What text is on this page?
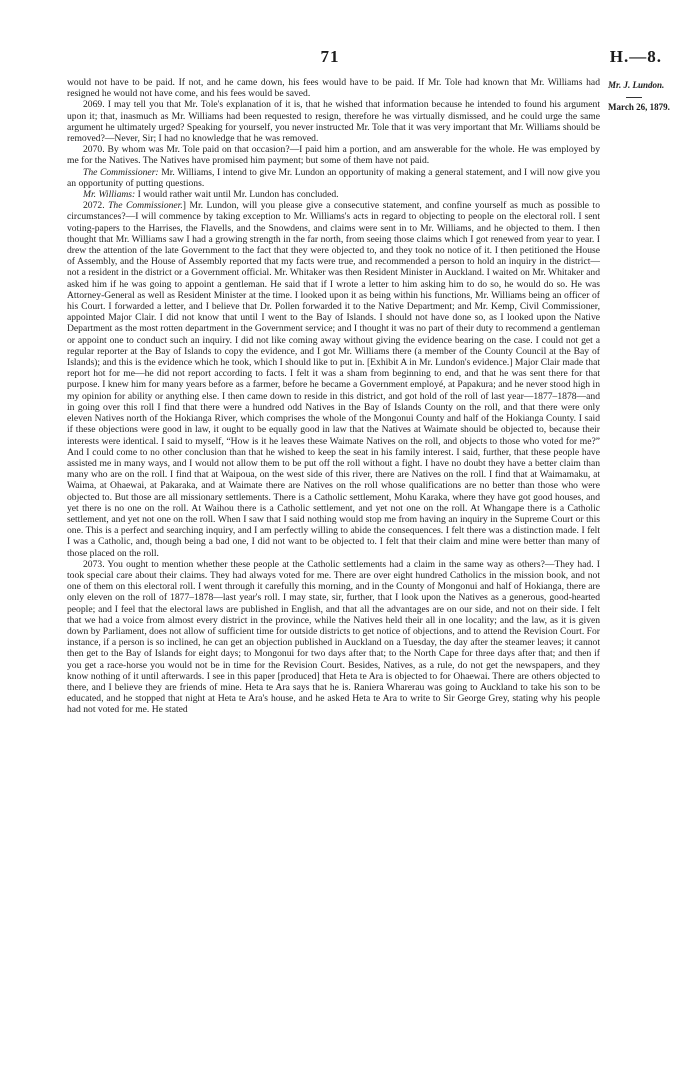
71	H.—8.
Mr. J. Lundon.
March 26, 1879.

would not have to be paid. If not, and he came down, his fees would have to be paid. If Mr. Tole had known that Mr. Williams had resigned he would not have come, and his fees would be saved.

2069. I may tell you that Mr. Tole's explanation of it is, that he wished that information because he intended to found his argument upon it; that, inasmuch as Mr. Williams had been requested to resign, therefore he was virtually dismissed, and he could urge the same argument he ultimately urged? Speaking for yourself, you never instructed Mr. Tole that it was very important that Mr. Williams should be removed?—Never, Sir; I had no knowledge that he was removed.

2070. By whom was Mr. Tole paid on that occasion?—I paid him a portion, and am answerable for the whole. He was employed by me for the Natives. The Natives have promised him payment; but some of them have not paid.

The Commissioner: Mr. Williams, I intend to give Mr. Lundon an opportunity of making a general statement, and I will now give you an opportunity of putting questions.

Mr. Williams: I would rather wait until Mr. Lundon has concluded.

2072. The Commissioner.] Mr. Lundon, will you please give a consecutive statement, and confine yourself as much as possible to circumstances?—I will commence by taking exception to Mr. Williams's acts in regard to objecting to people on the electoral roll. I sent voting-papers to the Harrises, the Flavells, and the Snowdens, and claims were sent in to Mr. Williams, and he objected to them. I then thought that Mr. Williams saw I had a growing strength in the far north, from seeing those claims which I got renewed from year to year. I drew the attention of the late Government to the fact that they were objected to, and they took no notice of it. I then petitioned the House of Assembly, and the House of Assembly reported that my facts were true, and recommended a person to hold an inquiry in the district—not a resident in the district or a Government official. Mr. Whitaker was then Resident Minister in Auckland. I waited on Mr. Whitaker and asked him if he was going to appoint a gentleman. He said that if I wrote a letter to him asking him to do so, he would do so. He was Attorney-General as well as Resident Minister at the time. I looked upon it as being within his functions, Mr. Williams being an officer of his Court. I forwarded a letter, and I believe that Dr. Pollen forwarded it to the Native Department; and Mr. Kemp, Civil Commissioner, appointed Major Clair. I did not know that until I went to the Bay of Islands. I should not have done so, as I looked upon the Native Department as the most rotten department in the Government service; and I thought it was no part of their duty to recommend a gentleman or appoint one to conduct such an inquiry. I did not like coming away without giving the evidence bearing on the case. I could not get a regular reporter at the Bay of Islands to copy the evidence, and I got Mr. Williams there (a member of the County Council at the Bay of Islands); and this is the evidence which he took, which I should like to put in. [Exhibit A in Mr. Lundon's evidence.] Major Clair made that report hot for me—he did not report according to facts. I felt it was a sham from beginning to end, and that he was sent there for that purpose. I knew him for many years before as a farmer, before he became a Government employé, at Papakura; and he never stood high in my opinion for ability or anything else. I then came down to reside in this district, and got hold of the roll of last year—1877–1878—and in going over this roll I find that there were a hundred odd Natives in the Bay of Islands County on the roll, and that there were only eleven Natives north of the Hokianga River, which comprises the whole of the Mongonui County and half of the Hokianga County. I said if these objections were good in law, it ought to be equally good in law that the Natives at Waimate should be objected to, because their interests were identical. I said to myself, “How is it he leaves these Waimate Natives on the roll, and objects to those who voted for me?” And I could come to no other conclusion than that he wished to keep the seat in his family interest. I said, further, that these people have assisted me in many ways, and I would not allow them to be put off the roll without a fight. I have no doubt they have a better claim than many who are on the roll. I find that at Waipoua, on the west side of this river, there are Natives on the roll. I find that at Waimamaku, at Waima, at Ohaewai, at Pakaraka, and at Waimate there are Natives on the roll whose qualifications are no better than those who were objected to. But those are all missionary settlements. There is a Catholic settlement, Mohu Karaka, where they have got good houses, and yet there is no one on the roll. At Waihou there is a Catholic settlement, and yet not one on the roll. At Whangape there is a Catholic settlement, and yet not one on the roll. When I saw that I said nothing would stop me from having an inquiry in the Supreme Court or this one. This is a perfect and searching inquiry, and I am perfectly willing to abide the consequences. I felt there was a distinction made. I felt I was a Catholic, and, though being a bad one, I did not want to be objected to. I felt that their claim and mine were better than many of those placed on the roll.

2073. You ought to mention whether these people at the Catholic settlements had a claim in the same way as others?—They had. I took special care about their claims. They had always voted for me. There are over eight hundred Catholics in the mission book, and not one of them on this electoral roll. I went through it carefully this morning, and in the County of Mongonui and half of Hokianga, there are only eleven on the roll of 1877–1878—last year's roll. I may state, sir, further, that I look upon the Natives as a generous, good-hearted people; and I feel that the electoral laws are published in English, and that all the advantages are on our side, and not on their side. I felt that we had a voice from almost every district in the province, while the Natives held their all in one locality; and the law, as it is given down by Parliament, does not allow of sufficient time for outside districts to get notice of objections, and to attend the Revision Court. For instance, if a person is so inclined, he can get an objection published in Auckland on a Tuesday, the day after the steamer leaves; it cannot then get to the Bay of Islands for eight days; to Mongonui for two days after that; to the North Cape for three days after that; and then if you get a race-horse you would not be in time for the Revision Court. Besides, Natives, as a rule, do not get the newspapers, and they know nothing of it until afterwards. I see in this paper [produced] that Heta te Ara is objected to for Ohaewai. There are others objected to there, and I believe they are friends of mine. Heta te Ara says that he is. Raniera Wharerau was going to Auckland to take his son to be educated, and he stopped that night at Heta te Ara's house, and he asked Heta te Ara to write to Sir George Grey, stating why his people had not voted for me. He stated
